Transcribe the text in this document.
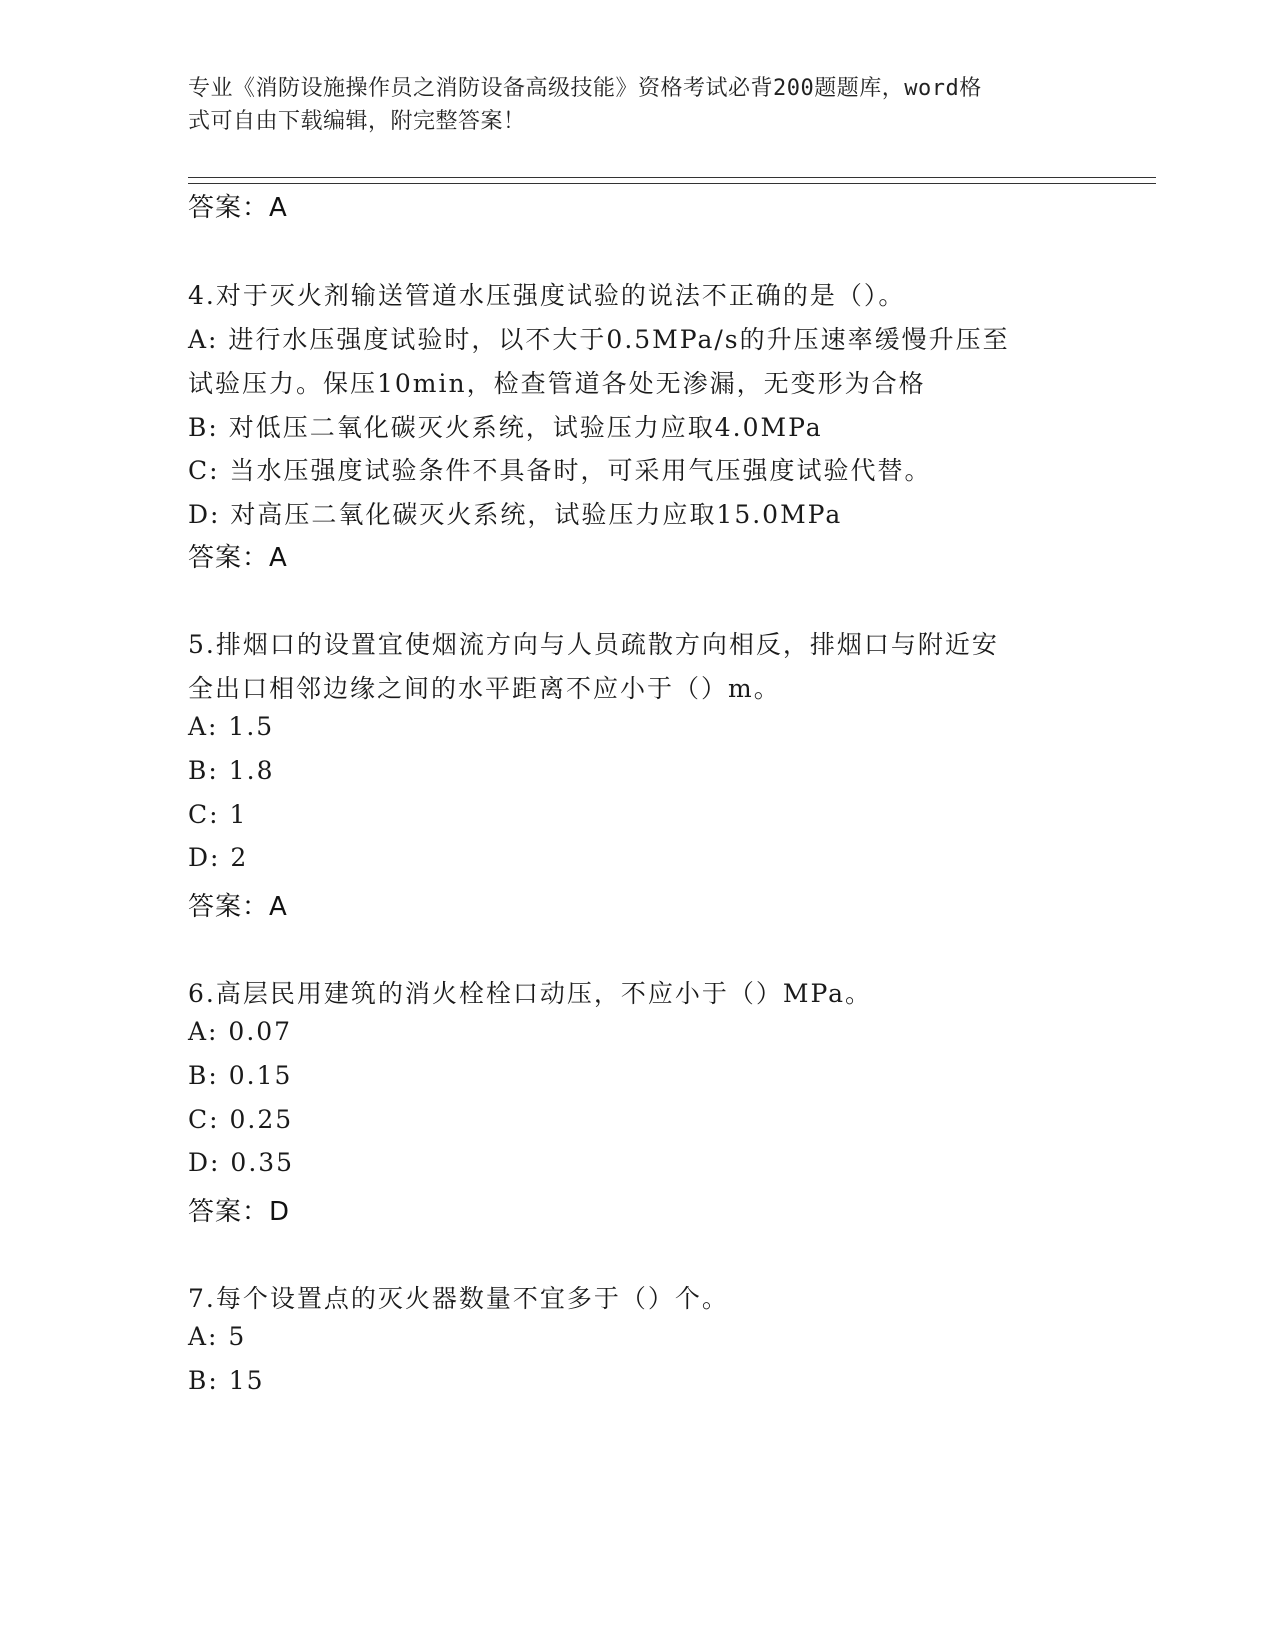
专业《消防设施操作员之消防设备高级技能》资格考试必背200题题库，word格
式可自由下载编辑，附完整答案！
答案：A
4.对于灭火剂输送管道水压强度试验的说法不正确的是（）。
A: 进行水压强度试验时，以不大于0.5MPa/s的升压速率缓慢升压至
试验压力。保压10min，检查管道各处无渗漏，无变形为合格
B: 对低压二氧化碳灭火系统，试验压力应取4.0MPa
C: 当水压强度试验条件不具备时，可采用气压强度试验代替。
D: 对高压二氧化碳灭火系统，试验压力应取15.0MPa
答案：A
5.排烟口的设置宜使烟流方向与人员疏散方向相反，排烟口与附近安
全出口相邻边缘之间的水平距离不应小于（）m。
A: 1.5
B: 1.8
C: 1
D: 2
答案：A
6.高层民用建筑的消火栓栓口动压，不应小于（）MPa。
A: 0.07
B: 0.15
C: 0.25
D: 0.35
答案：D
7.每个设置点的灭火器数量不宜多于（）个。
A: 5
B: 15
